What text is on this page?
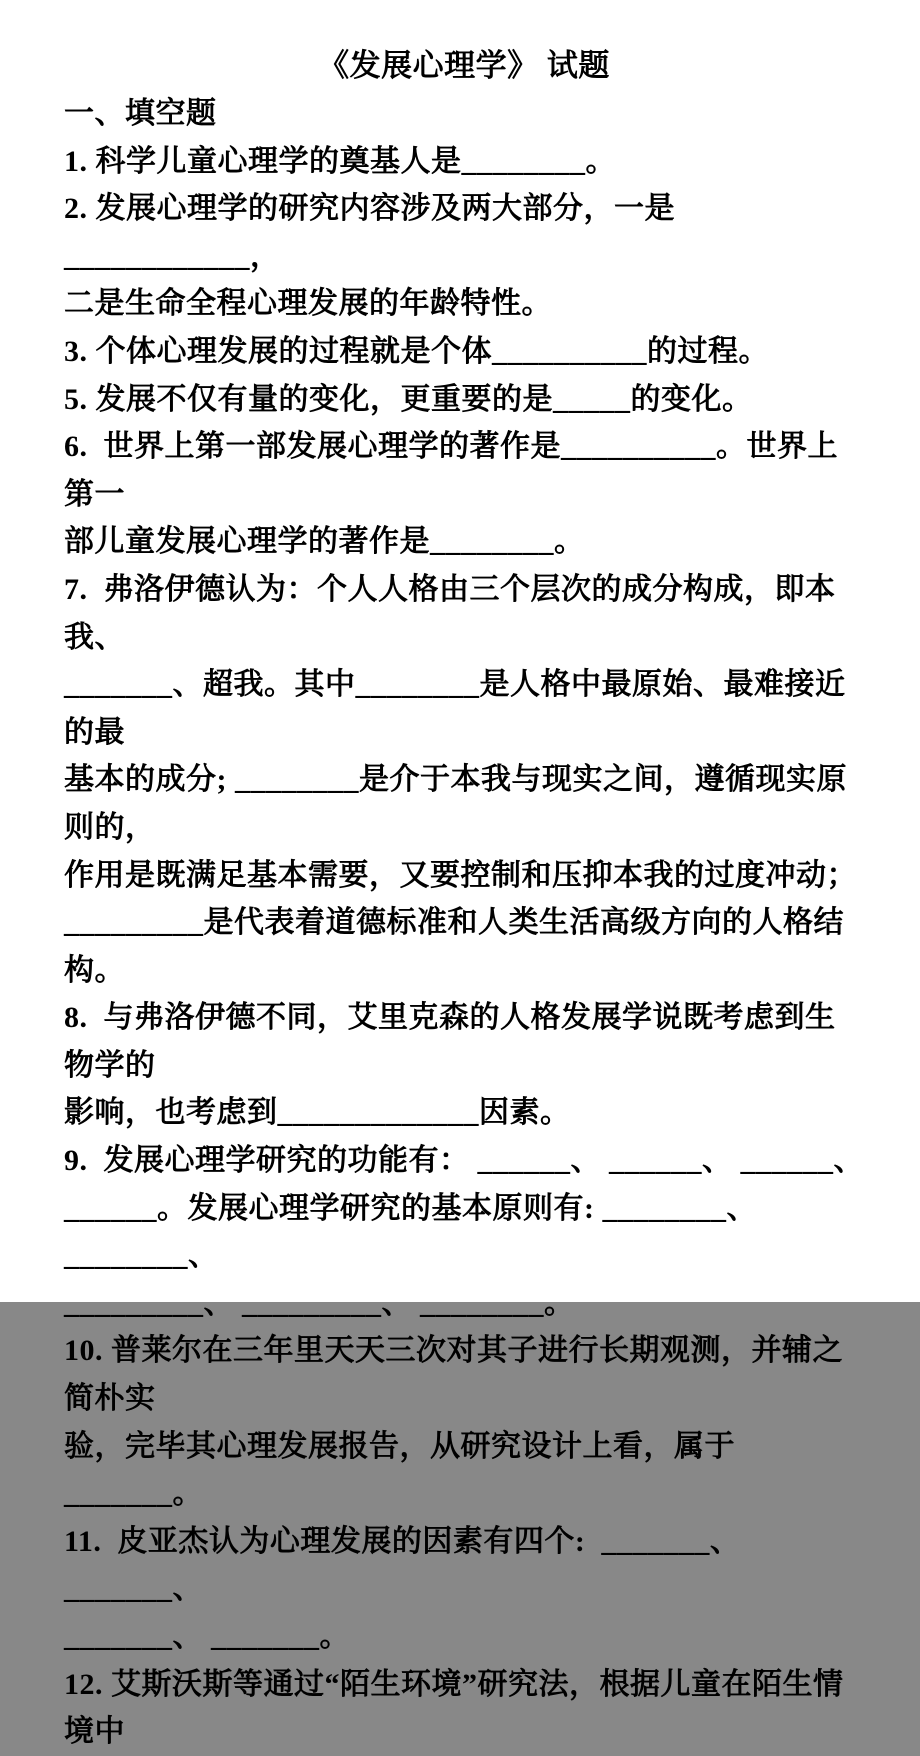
《发展心理学》 试题
一、填空题
1. 科学儿童心理学的奠基人是________。
2. 发展心理学的研究内容涉及两大部分，一是____________，
二是生命全程心理发展的年龄特性。
3. 个体心理发展的过程就是个体__________的过程。
5. 发展不仅有量的变化，更重要的是_____的变化。
6.  世界上第一部发展心理学的著作是__________。世界上第一
部儿童发展心理学的著作是________。
7.  弗洛伊德认为：个人人格由三个层次的成分构成，即本我、
_______、超我。其中________是人格中最原始、最难接近的最
基本的成分; ________是介于本我与现实之间，遵循现实原则的，
作用是既满足基本需要，又要控制和压抑本我的过度冲动；
_________是代表着道德标准和人类生活高级方向的人格结构。
8.  与弗洛伊德不同，艾里克森的人格发展学说既考虑到生物学的
影响，也考虑到_____________因素。
9.  发展心理学研究的功能有： ______、 ______、 ______、
______。发展心理学研究的基本原则有: ________、________、
_________、 _________、 ________。
10. 普莱尔在三年里天天三次对其子进行长期观测，并辅之简朴实
验，完毕其心理发展报告，从研究设计上看，属于_______。
11.  皮亚杰认为心理发展的因素有四个:  _______、 _______、
_______、 _______。
12. 艾斯沃斯等通过“陌生环境”研究法，根据儿童在陌生情境中
